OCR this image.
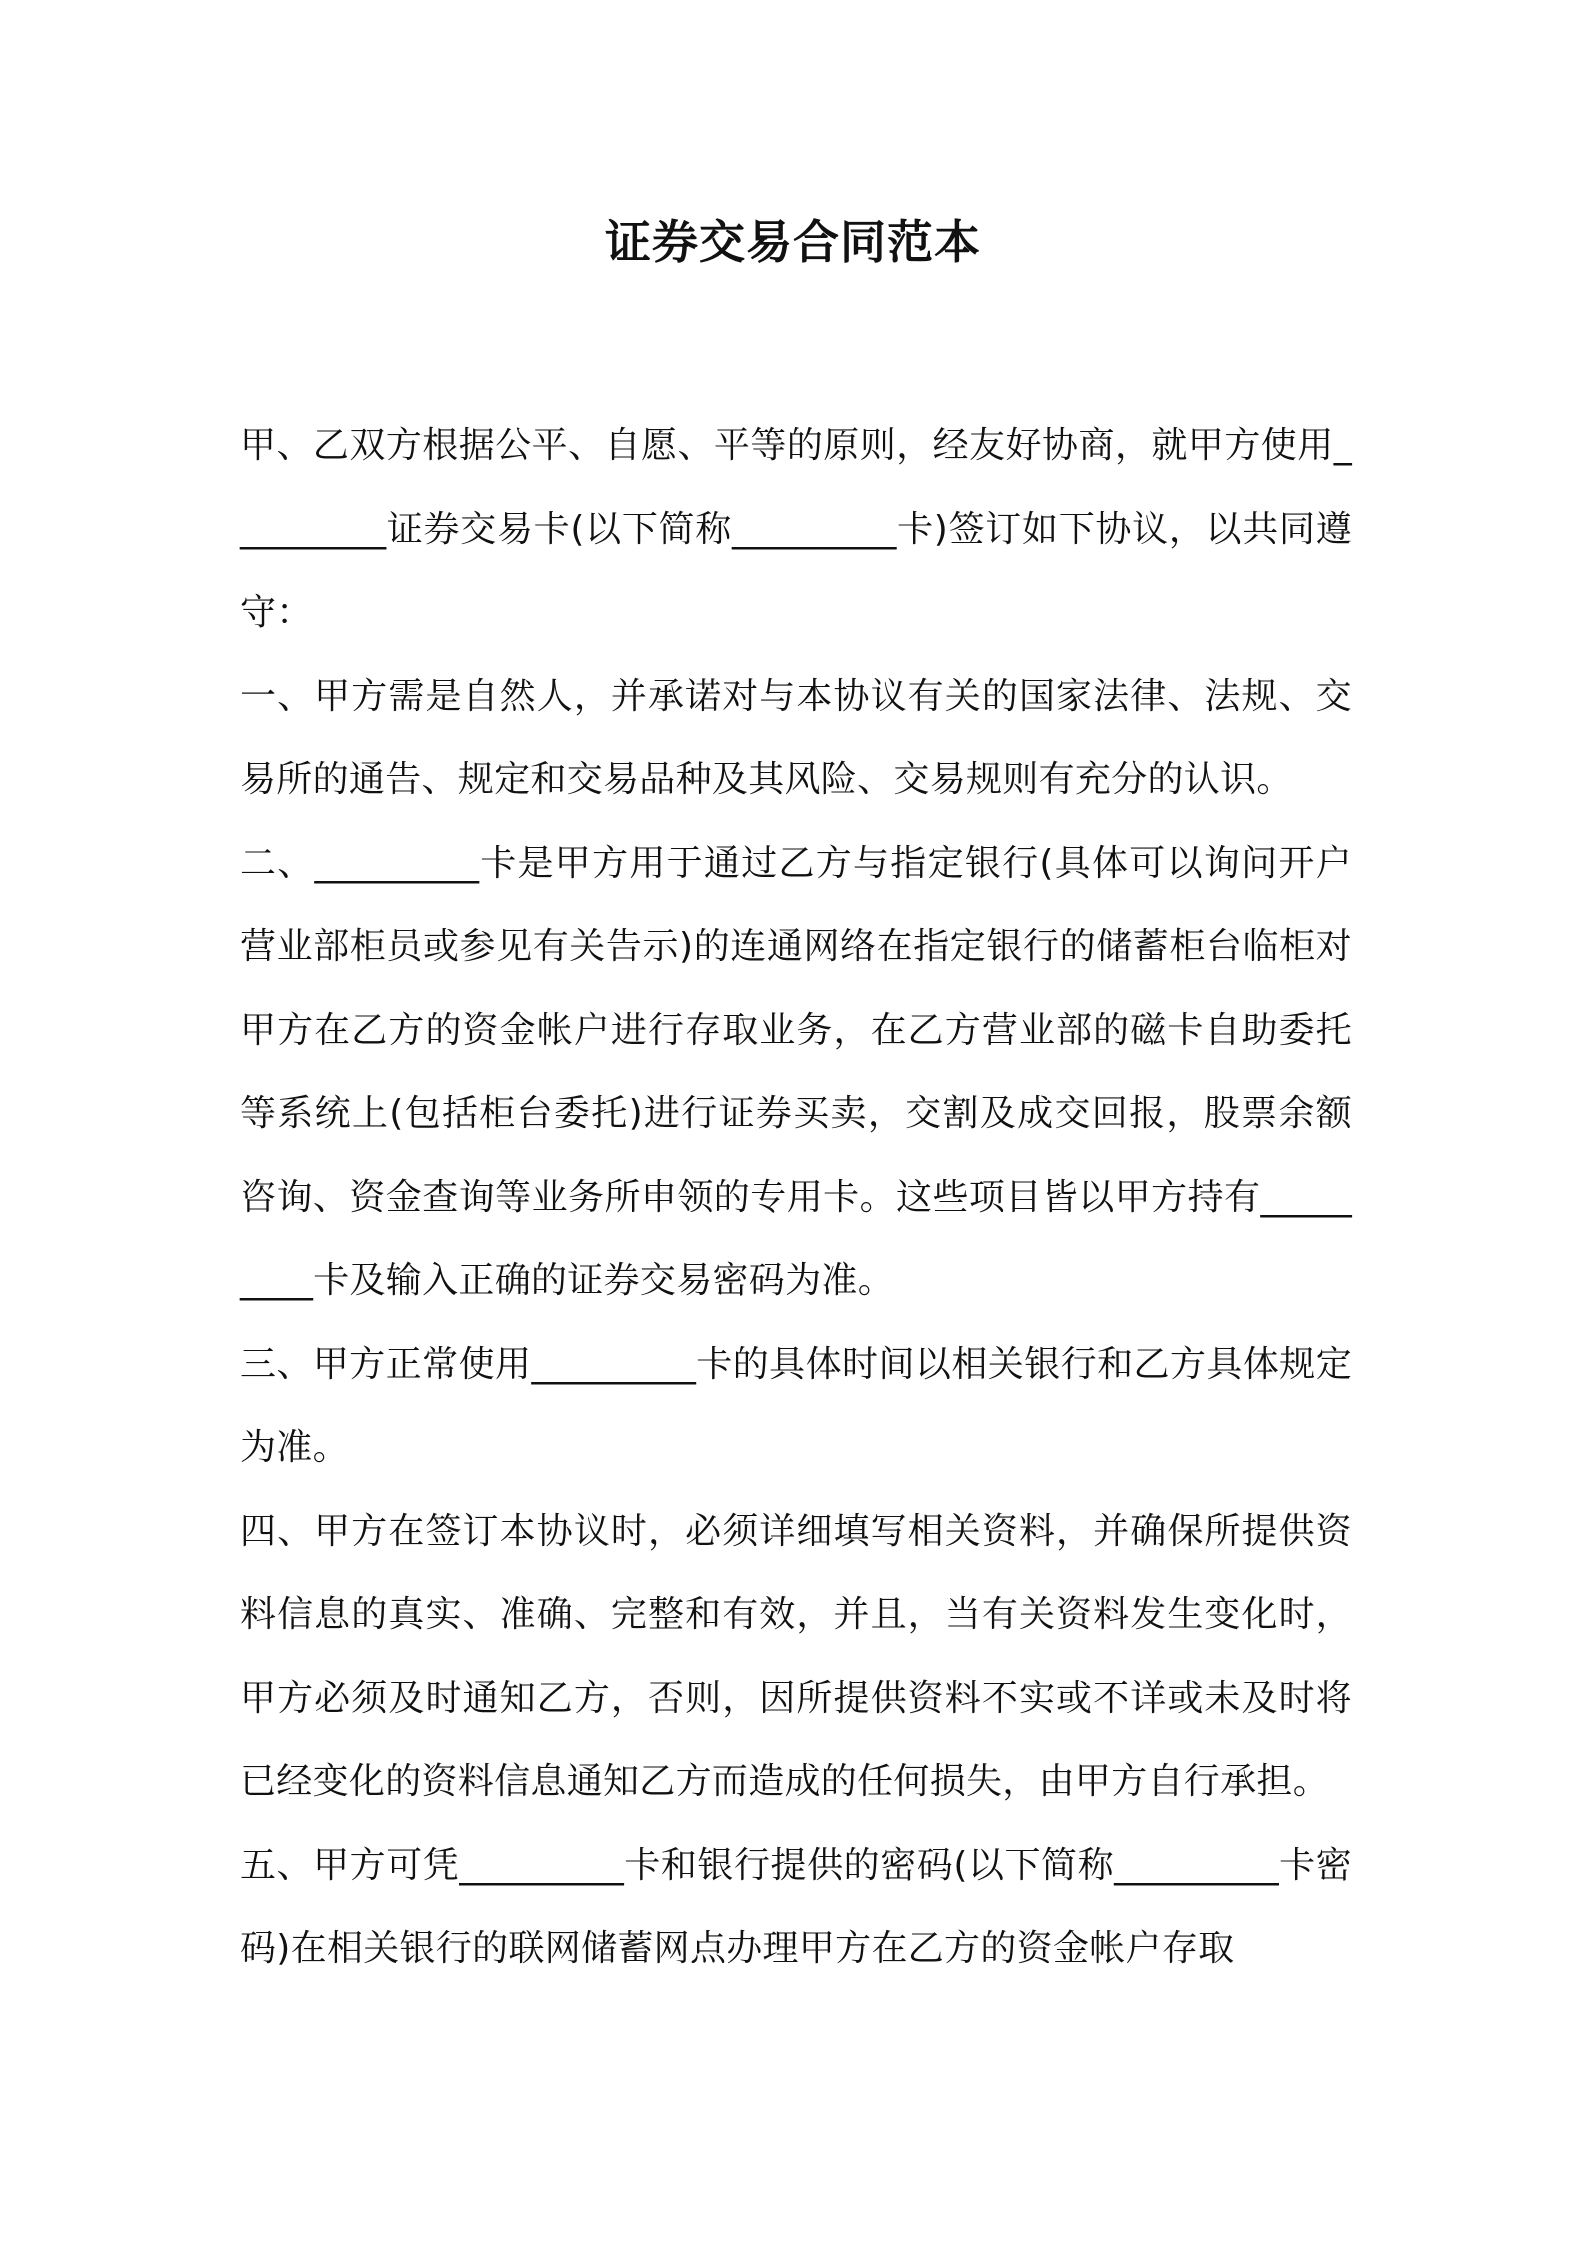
证券交易合同范本

甲、乙双方根据公平、自愿、平等的原则，经友好协商，就甲方使用_________证券交易卡(以下简称_________卡)签订如下协议，以共同遵守：

一、甲方需是自然人，并承诺对与本协议有关的国家法律、法规、交易所的通告、规定和交易品种及其风险、交易规则有充分的认识。

二、_________卡是甲方用于通过乙方与指定银行(具体可以询问开户营业部柜员或参见有关告示)的连通网络在指定银行的储蓄柜台临柜对甲方在乙方的资金帐户进行存取业务，在乙方营业部的磁卡自助委托等系统上(包括柜台委托)进行证券买卖，交割及成交回报，股票余额咨询、资金查询等业务所申领的专用卡。这些项目皆以甲方持有_________卡及输入正确的证券交易密码为准。

三、甲方正常使用_________卡的具体时间以相关银行和乙方具体规定为准。

四、甲方在签订本协议时，必须详细填写相关资料，并确保所提供资料信息的真实、准确、完整和有效，并且，当有关资料发生变化时，甲方必须及时通知乙方，否则，因所提供资料不实或不详或未及时将已经变化的资料信息通知乙方而造成的任何损失，由甲方自行承担。

五、甲方可凭_________卡和银行提供的密码(以下简称_________卡密码)在相关银行的联网储蓄网点办理甲方在乙方的资金帐户存取
